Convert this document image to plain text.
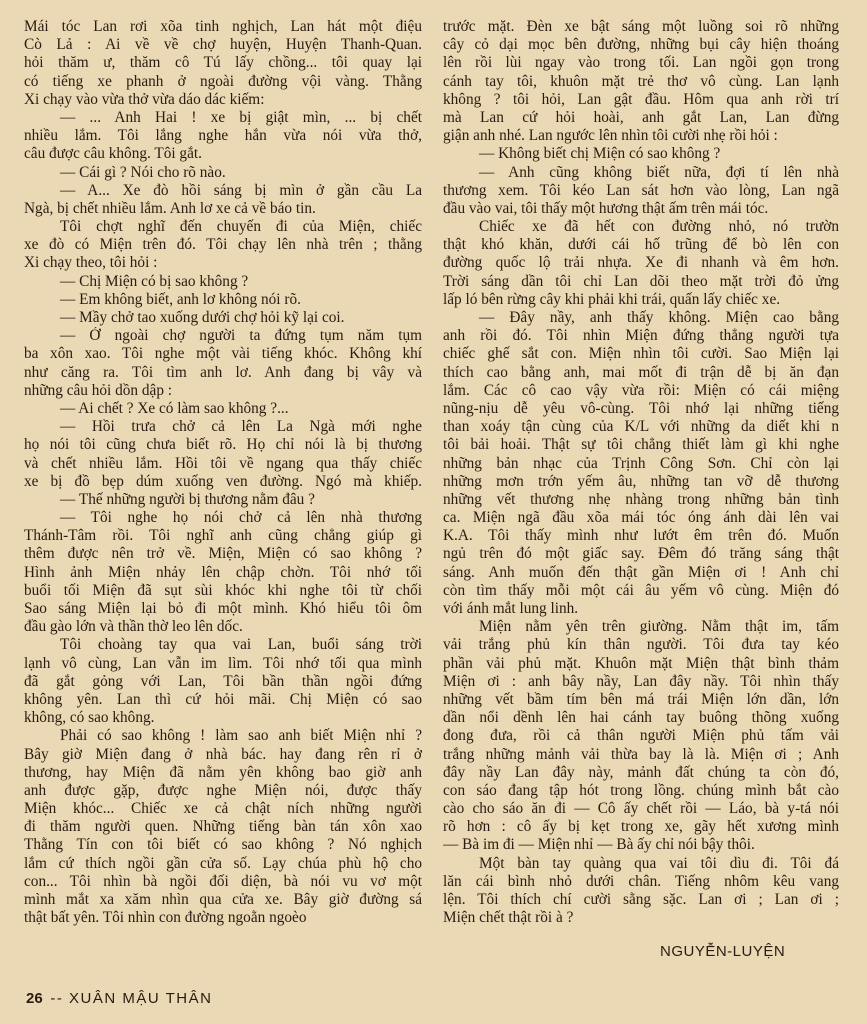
Mái tóc Lan rơi xõa tinh nghịch, Lan hát một điệu
Cò Lả : Ai về về chợ huyện, Huyện Thanh-Quan.
hỏi thăm ư, thăm cô Tú lấy chồng... tôi quay lại
có tiếng xe phanh ở ngoài đường vội vàng. Thằng
Xi chạy vào vừa thở vừa dáo dác kiếm:
— ... Anh Hai ! xe bị giật mìn, ... bị chết
nhiều lắm. Tôi lắng nghe hắn vừa nói vừa thở,
câu được câu không. Tôi gắt.
— Cái gì ? Nói cho rõ nào.
— A... Xe đò hồi sáng bị mìn ở gần cầu La
Ngà, bị chết nhiều lắm. Anh lơ xe cả về báo tin.
Tôi chợt nghĩ đến chuyến đi của Miện, chiếc
xe đò có Miện trên đó. Tôi chạy lên nhà trên ; thằng
Xi chạy theo, tôi hỏi :
— Chị Miện có bị sao không ?
— Em không biết, anh lơ không nói rõ.
— Mầy chở tao xuống dưới chợ hỏi kỹ lại coi.
— Ở ngoài chợ người ta đứng tụm năm tụm
ba xôn xao. Tôi nghe một vài tiếng khóc. Không khí
như căng ra. Tôi tìm anh lơ. Anh đang bị vây và
những câu hỏi dồn dập :
— Ai chết ? Xe có làm sao không ?...
— Hồi trưa chở cả lên La Ngà mới nghe
họ nói tôi cũng chưa biết rõ. Họ chỉ nói là bị thương
và chết nhiều lắm. Hồi tôi về ngang qua thấy chiếc
xe bị đồ bẹp dúm xuống ven đường. Ngó mà khiếp.
— Thế những người bị thương nằm đâu ?
— Tôi nghe họ nói chở cả lên nhà thương
Thánh-Tâm rồi. Tôi nghĩ anh cũng chẳng giúp gì
thêm được nên trở về. Miện, Miện có sao không ?
Hình ảnh Miện nhảy lên chập chờn. Tôi nhớ tối
buổi tối Miện đã sụt sùi khóc khi nghe tôi từ chối
Sao sáng Miện lại bỏ đi một mình. Khó hiểu tôi ôm
đầu gào lớn và thần thờ leo lên dốc.
Tôi choàng tay qua vai Lan, buổi sáng trời
lạnh vô cùng, Lan vẫn im lìm. Tôi nhớ tối qua mình
đã gắt gỏng với Lan, Tôi bần thần ngồi đứng
không yên. Lan thì cứ hỏi mãi. Chị Miện có sao
không, có sao không.
Phải có sao không ! làm sao anh biết Miện nhỉ ?
Bây giờ Miện đang ở nhà bác. hay đang rên rỉ ở
thương, hay Miện đã nằm yên không bao giờ anh
anh được gặp, được nghe Miện nói, được thấy
Miện khóc... Chiếc xe cả chật ních những người
đi thăm người quen. Những tiếng bàn tán xôn xao
Thằng Tín con tôi biết có sao không ? Nó nghịch
lắm cứ thích ngồi gần cửa số. Lạy chúa phù hộ cho
con... Tôi nhìn bà ngồi đối diện, bà nói vu vơ một
mình mắt xa xăm nhìn qua cửa xe. Bây giờ đường sá
thật bất yên. Tôi nhìn con đường ngoằn ngoèo
trước mặt. Đèn xe bật sáng một luồng soi rõ những
cây cỏ dại mọc bên đường, những bụi cây hiện thoáng
lên rồi lùi ngay vào trong tối. Lan ngồi gọn trong
cánh tay tôi, khuôn mặt trẻ thơ vô cùng. Lan lạnh
không ? tôi hỏi, Lan gật đầu. Hôm qua anh rời trí
mà Lan cứ hỏi hoài, anh gắt Lan, Lan đừng
giận anh nhé. Lan ngước lên nhìn tôi cười nhẹ rồi hỏi :
— Không biết chị Miện có sao không ?
— Anh cũng không biết nữa, đợi tí lên nhà
thương xem. Tôi kéo Lan sát hơn vào lòng, Lan ngã
đầu vào vai, tôi thấy một hương thật ấm trên mái tóc.
Chiếc xe đã hết con đường nhỏ, nó trườn
thật khó khăn, dưới cái hố trũng để bò lên con
đường quốc lộ trải nhựa. Xe đi nhanh và êm hơn.
Trời sáng dần tôi chỉ Lan dõi theo mặt trời đỏ ửng
lấp ló bên rừng cây khi phải khi trái, quấn lấy chiếc xe.
— Đây nầy, anh thấy không. Miện cao bằng
anh rồi đó. Tôi nhìn Miện đứng thẳng người tựa
chiếc ghế sắt con. Miện nhìn tôi cười. Sao Miện lại
thích cao bằng anh, mai mốt đi trận dễ bị ăn đạn
lắm. Các cô cao vậy vừa rồi: Miện có cái miệng
nũng-nịu dễ yêu vô-cùng. Tôi nhớ lại những tiếng
than xoáy tận cùng của K/L với những da diết khi n
tôi bải hoải. Thật sự tôi chẳng thiết làm gì khi nghe
những bản nhạc của Trịnh Công Sơn. Chỉ còn lại
những mơn trớn yếm âu, những tan vỡ dễ thương
những vết thương nhẹ nhàng trong những bản tình
ca. Miện ngã đầu xõa mái tóc óng ánh dài lên vai
K.A. Tôi thấy mình như lướt êm trên đó. Muốn
ngủ trên đó một giấc say. Đêm đó trăng sáng thật
sáng. Anh muốn đến thật gần Miện ơi ! Anh chỉ
còn tìm thấy mỗi một cái âu yếm vô cùng. Miện đó
với ánh mắt lung linh.
Miện nằm yên trên giường. Nằm thật im, tấm
vải trắng phủ kín thân người. Tôi đưa tay kéo
phần vải phủ mặt. Khuôn mặt Miện thật bình thảm
Miện ơi : anh bây nầy, Lan đây nầy. Tôi nhìn thấy
những vết bầm tím bên má trái Miện lớn dần, lớn
dần nổi dềnh lên hai cánh tay buông thõng xuống
đong đưa, rồi cả thân người Miện phủ tấm vải
trắng những mảnh vải thừa bay là là. Miện ơi ; Anh
đây nầy Lan đây này, mảnh đất chúng ta còn đó,
con sáo đang tập hót trong lồng. chúng mình bắt cào
cào cho sáo ăn đi — Cô ấy chết rồi — Láo, bà y-tá nói
rõ hơn : cô ấy bị kẹt trong xe, gãy hết xương mình
— Bà im đi — Miện nhỉ — Bà ấy chỉ nói bậy thôi.
Một bàn tay quàng qua vai tôi dìu đi. Tôi đá
lăn cái bình nhỏ dưới chân. Tiếng nhôm kêu vang
lện. Tôi thích chí cười sằng sặc. Lan ơi ; Lan ơi ;
Miện chết thật rồi à ?
NGUYỄN-LUYỆN
26 -- XUÂN MẬU THÂN
